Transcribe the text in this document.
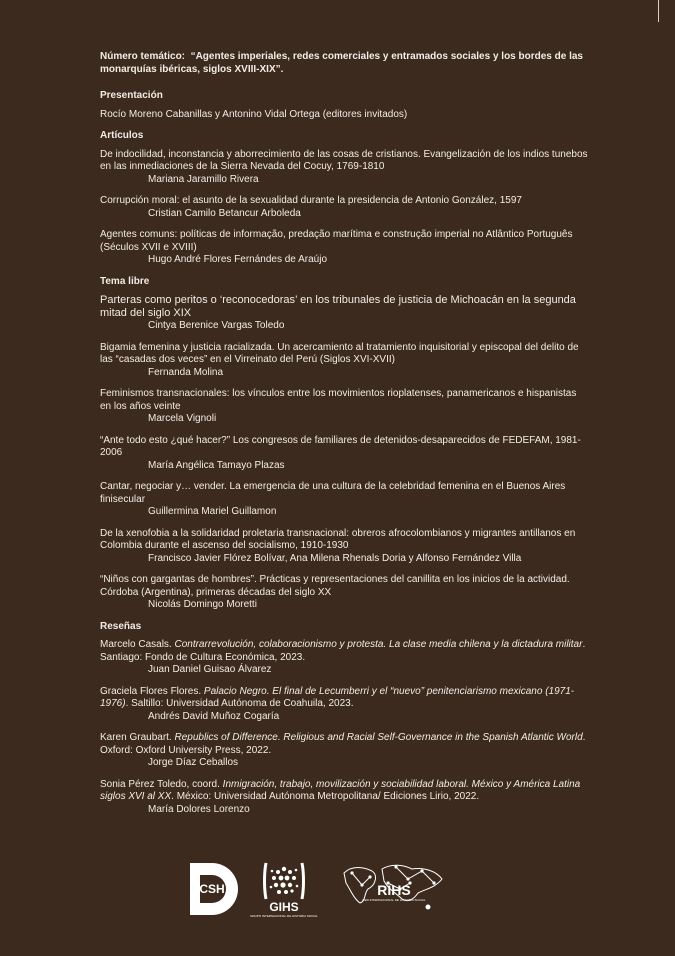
Número temático: “Agentes imperiales, redes comerciales y entramados sociales y los bordes de las monarquías ibéricas, siglos XVIII-XIX”.
Presentación
Rocío Moreno Cabanillas y Antonino Vidal Ortega (editores invitados)
Artículos
De indocilidad, inconstancia y aborrecimiento de las cosas de cristianos. Evangelización de los indios tunebos en las inmediaciones de la Sierra Nevada del Cocuy, 1769-1810
Mariana Jaramillo Rivera
Corrupción moral: el asunto de la sexualidad durante la presidencia de Antonio González, 1597
Cristian Camilo Betancur Arboleda
Agentes comuns: políticas de informação, predação marítima e construção imperial no Atlântico Português (Séculos XVII e XVIII)
Hugo André Flores Fernándes de Araújo
Tema libre
Parteras como peritos o ‘reconocedoras’ en los tribunales de justicia de Michoacán en la segunda mitad del siglo XIX
Cintya Berenice Vargas Toledo
Bigamia femenina y justicia racializada. Un acercamiento al tratamiento inquisitorial y episcopal del delito de las “casadas dos veces” en el Virreinato del Perú (Siglos XVI-XVII)
Fernanda Molina
Feminismos transnacionales: los vínculos entre los movimientos rioplatenses, panamericanos e hispanistas en los años veinte
Marcela Vignoli
“Ante todo esto ¿qué hacer?” Los congresos de familiares de detenidos-desaparecidos de FEDEFAM, 1981-2006
María Angélica Tamayo Plazas
Cantar, negociar y… vender. La emergencia de una cultura de la celebridad femenina en el Buenos Aires finisecular
Guillermina Mariel Guillamon
De la xenofobia a la solidaridad proletaria transnacional: obreros afrocolombianos y migrantes antillanos en Colombia durante el ascenso del socialismo, 1910-1930
Francisco Javier Flórez Bolívar, Ana Milena Rhenals Doria y Alfonso Fernández Villa
“Niños con gargantas de hombres”. Prácticas y representaciones del canillita en los inicios de la actividad. Córdoba (Argentina), primeras décadas del siglo XX
Nicolás Domingo Moretti
Reseñas
Marcelo Casals. Contrarrevolución, colaboracionismo y protesta. La clase media chilena y la dictadura militar. Santiago: Fondo de Cultura Económica, 2023.
Juan Daniel Guisao Álvarez
Graciela Flores Flores. Palacio Negro. El final de Lecumberri y el “nuevo” penitenciarismo mexicano (1971-1976). Saltillo: Universidad Autónoma de Coahuila, 2023.
Andrés David Muñoz Cogaría
Karen Graubart. Republics of Difference. Religious and Racial Self-Governance in the Spanish Atlantic World. Oxford: Oxford University Press, 2022.
Jorge Díaz Ceballos
Sonia Pérez Toledo, coord. Inmigración, trabajo, movilización y sociabilidad laboral. México y América Latina siglos XVI al XX. México: Universidad Autónoma Metropolitana/ Ediciones Lirio, 2022.
María Dolores Lorenzo
CSH
GIHS
GRUPO INTERNACIONAL DE HISTORIA SOCIAL
RIHS
RED INTERNACIONAL DE HISTORIA SOCIAL
